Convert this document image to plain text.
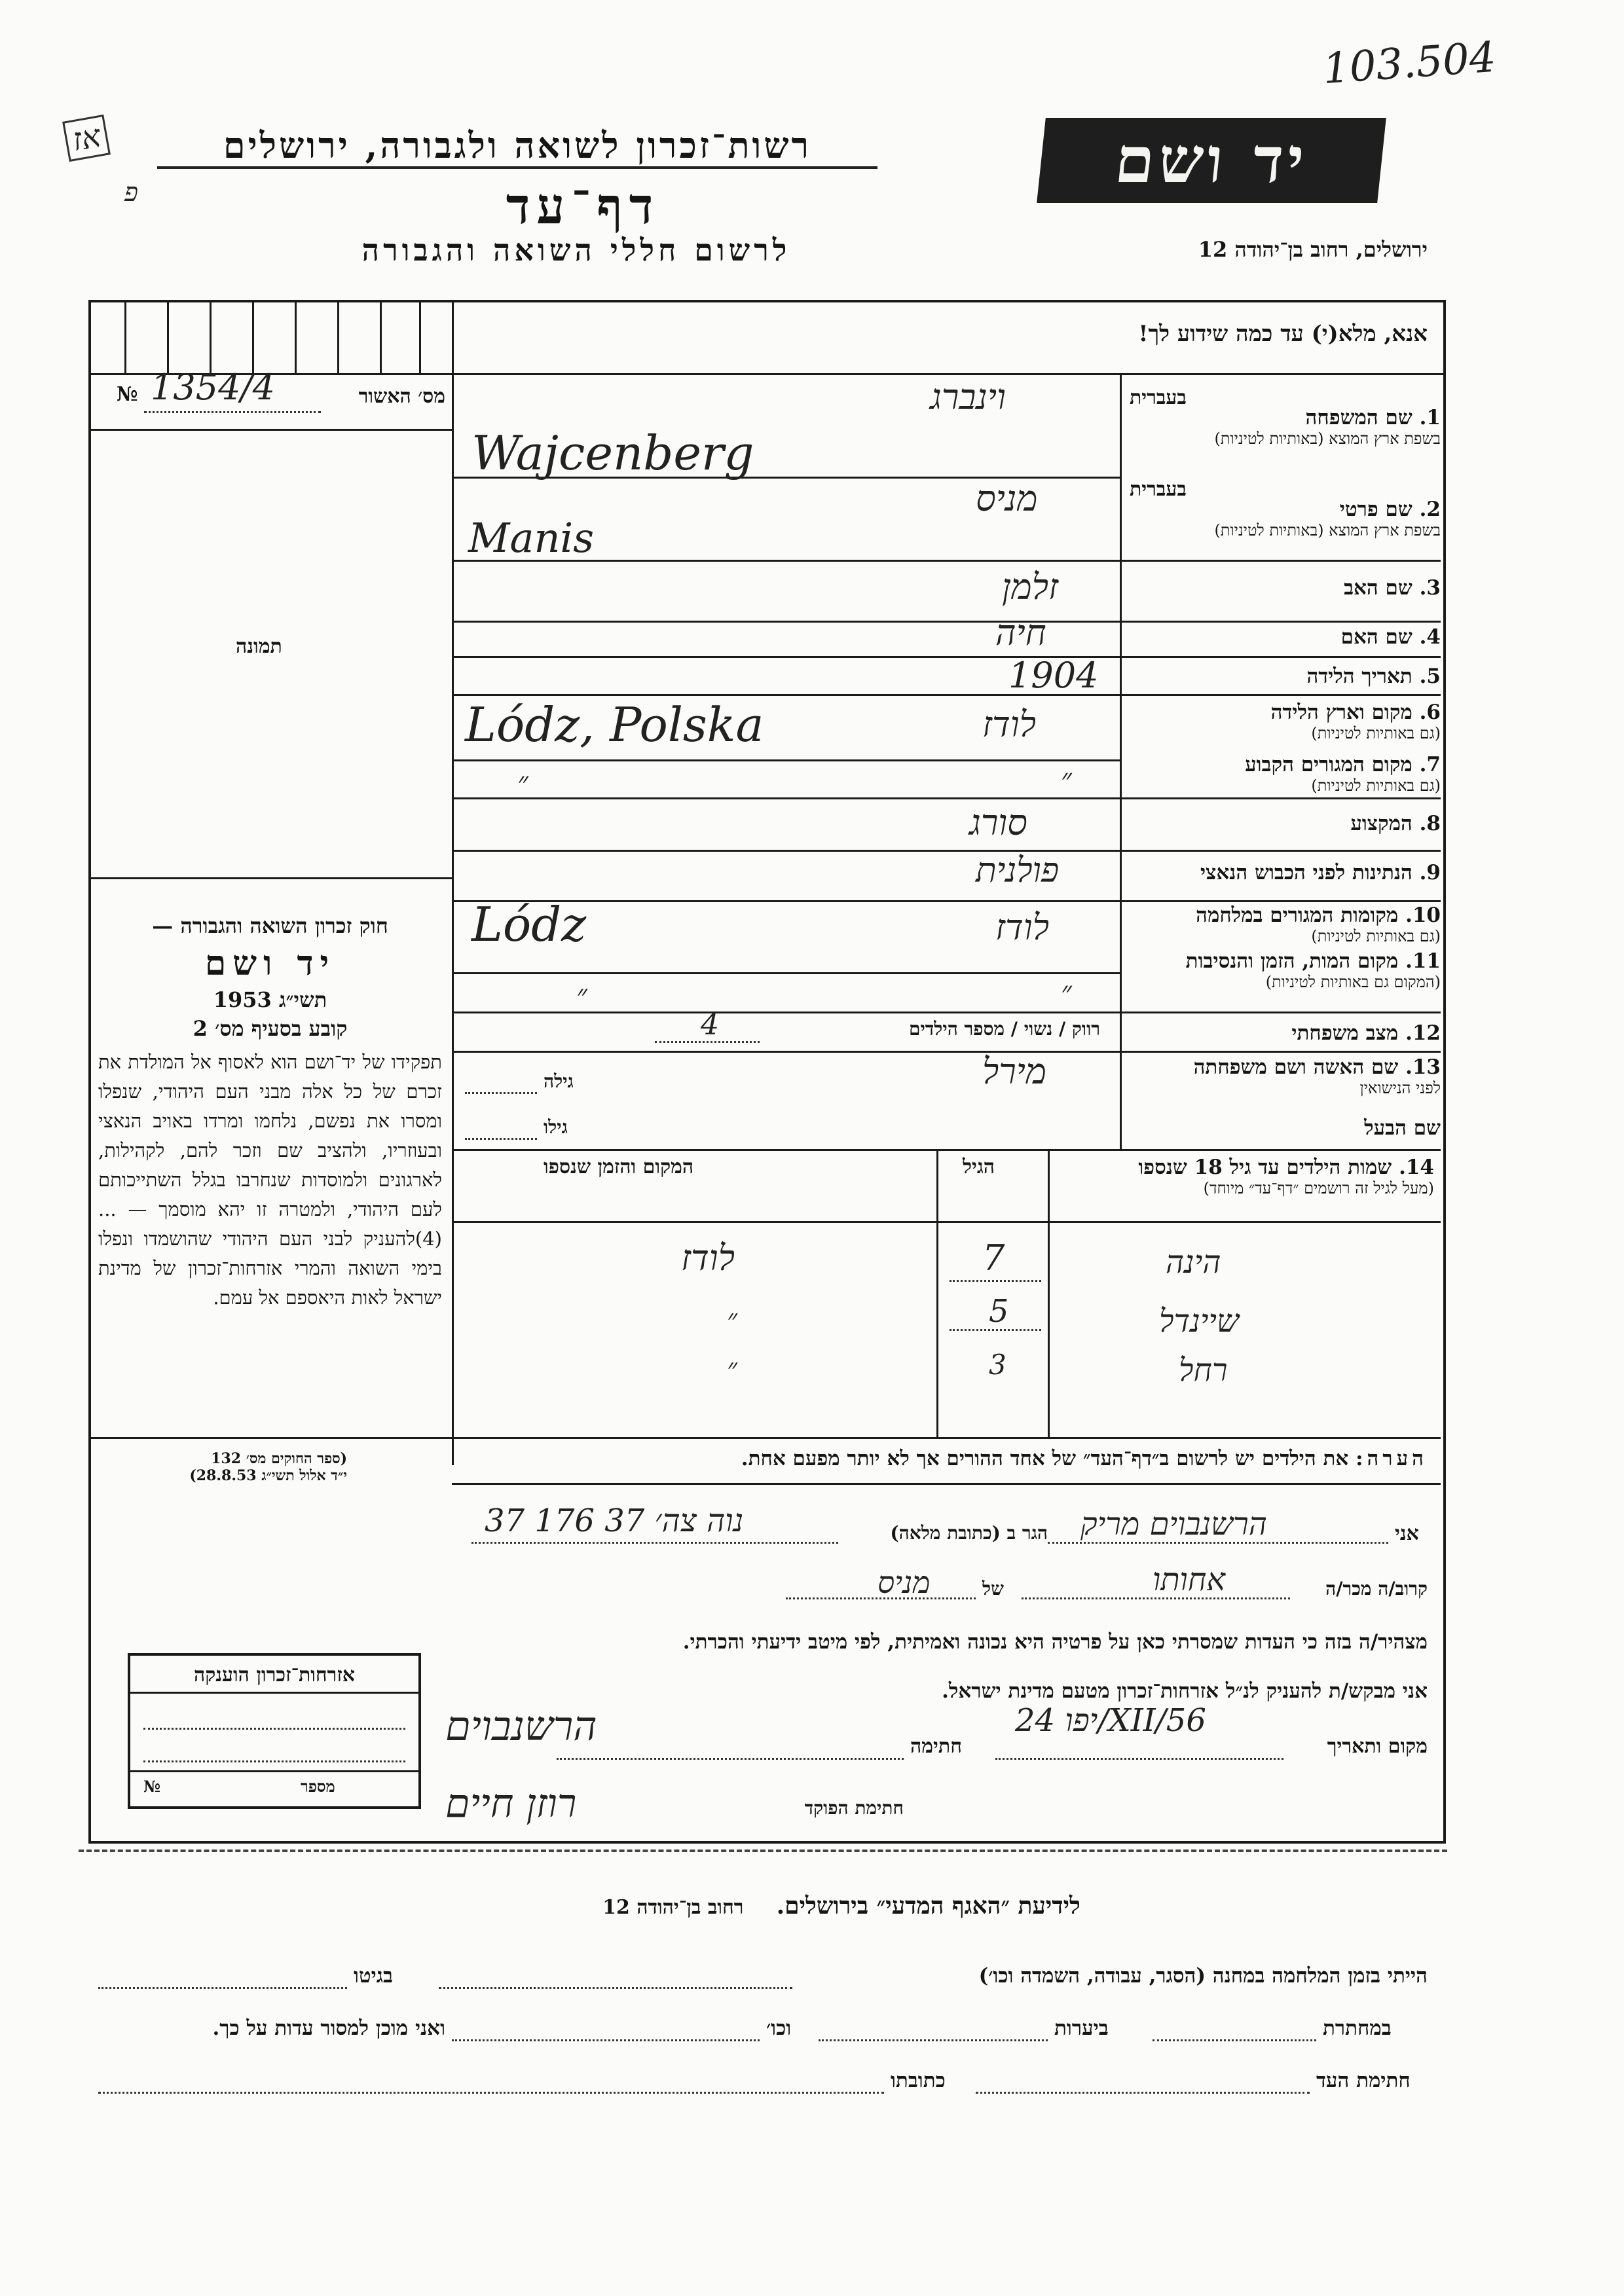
103.504
אז
פ
רשות־זכרון לשואה ולגבורה, ירושלים
דף־עד
לרשום חללי השואה והגבורה
יד ושם
ירושלים, רחוב בן־יהודה 12
אנא, מלא(י) עד כמה שידוע לך!
№ 1354/4	מס׳ האשור
תמונה
1. שם המשפחה
בשפת ארץ המוצא (באותיות לטיניות)
בעברית
וינברג
Wajcenberg
2. שם פרטי
בשפת ארץ המוצא (באותיות לטיניות)
בעברית
מניס
Manis
3. שם האב
זלמן
4. שם האם
חיה
5. תאריך הלידה
1904
6. מקום וארץ הלידה
(גם באותיות לטיניות)
לודז
Lódz, Polska
7. מקום המגורים הקבוע
(גם באותיות לטיניות)
״
״
8. המקצוע
סורג
9. הנתינות לפני הכבוש הנאצי
פולנית
10. מקומות המגורים במלחמה
(גם באותיות לטיניות)
לודז
Lódz
11. מקום המות, הזמן והנסיבות
(המקום גם באותיות לטיניות)
״
״
12. מצב משפחתי
רווק / נשוי / מספר הילדים
4
13. שם האשה ושם משפחתה
לפני הנישואין
מירל
גילה
שם הבעל
גילו
14. שמות הילדים עד גיל 18 שנספו
(מעל לגיל זה רושמים ״דף־עד״ מיוחד)
הגיל
המקום והזמן שנספו
הינה
7
לודז
שיינדל
5
״
רחל
3
״
חוק זכרון השואה והגבורה —
יד ושם
תשי״ג 1953
קובע בסעיף מס׳ 2
תפקידו של יד־ושם הוא לאסוף אל המולדת את זכרם של כל אלה מבני העם היהודי, שנפלו ומסרו את נפשם, נלחמו ומרדו באויב הנאצי ובעוזריו, ולהציב שם וזכר להם, לקהילות, לארגונים ולמוסדות שנחרבו בגלל השתייכותם לעם היהודי, ולמטרה זו יהא מוסמך — ...(4)להעניק לבני העם היהודי שהושמדו ונפלו בימי השואה והמרי אזרחות־זכרון של מדינת ישראל לאות היאספם אל עמם.
(ספר החוקים מס׳ 132
י״ד אלול תשי״ג 28.8.53)
הערה: את הילדים יש לרשום ב״דף־העד״ של אחד ההורים אך לא יותר מפעם אחת.
אני
הרשנבוים מריק
הגר ב (כתובת מלאה)
37 176 נוה צה׳ 37
קרוב/ה מכר/ה
אחותו
של
מניס
מצהיר/ה בזה כי העדות שמסרתי כאן על פרטיה היא נכונה ואמיתית, לפי מיטב ידיעתי והכרתי.
אני מבקש/ת להעניק לנ״ל אזרחות־זכרון מטעם מדינת ישראל.
מקום ותאריך
יפו 24/XII/56
חתימה
הרשנבוים
חתימת הפוקד
רוזן חיים
אזרחות־זכרון הוענקה
מספר
№
לידיעת ״האגף המדעי״ בירושלים.    רחוב בן־יהודה 12
הייתי בזמן המלחמה במחנה (הסגר, עבודה, השמדה וכו׳)
בגיטו
במחתרת
ביערות
וכו׳
ואני מוכן למסור עדות על כך.
חתימת העד
כתובתו
